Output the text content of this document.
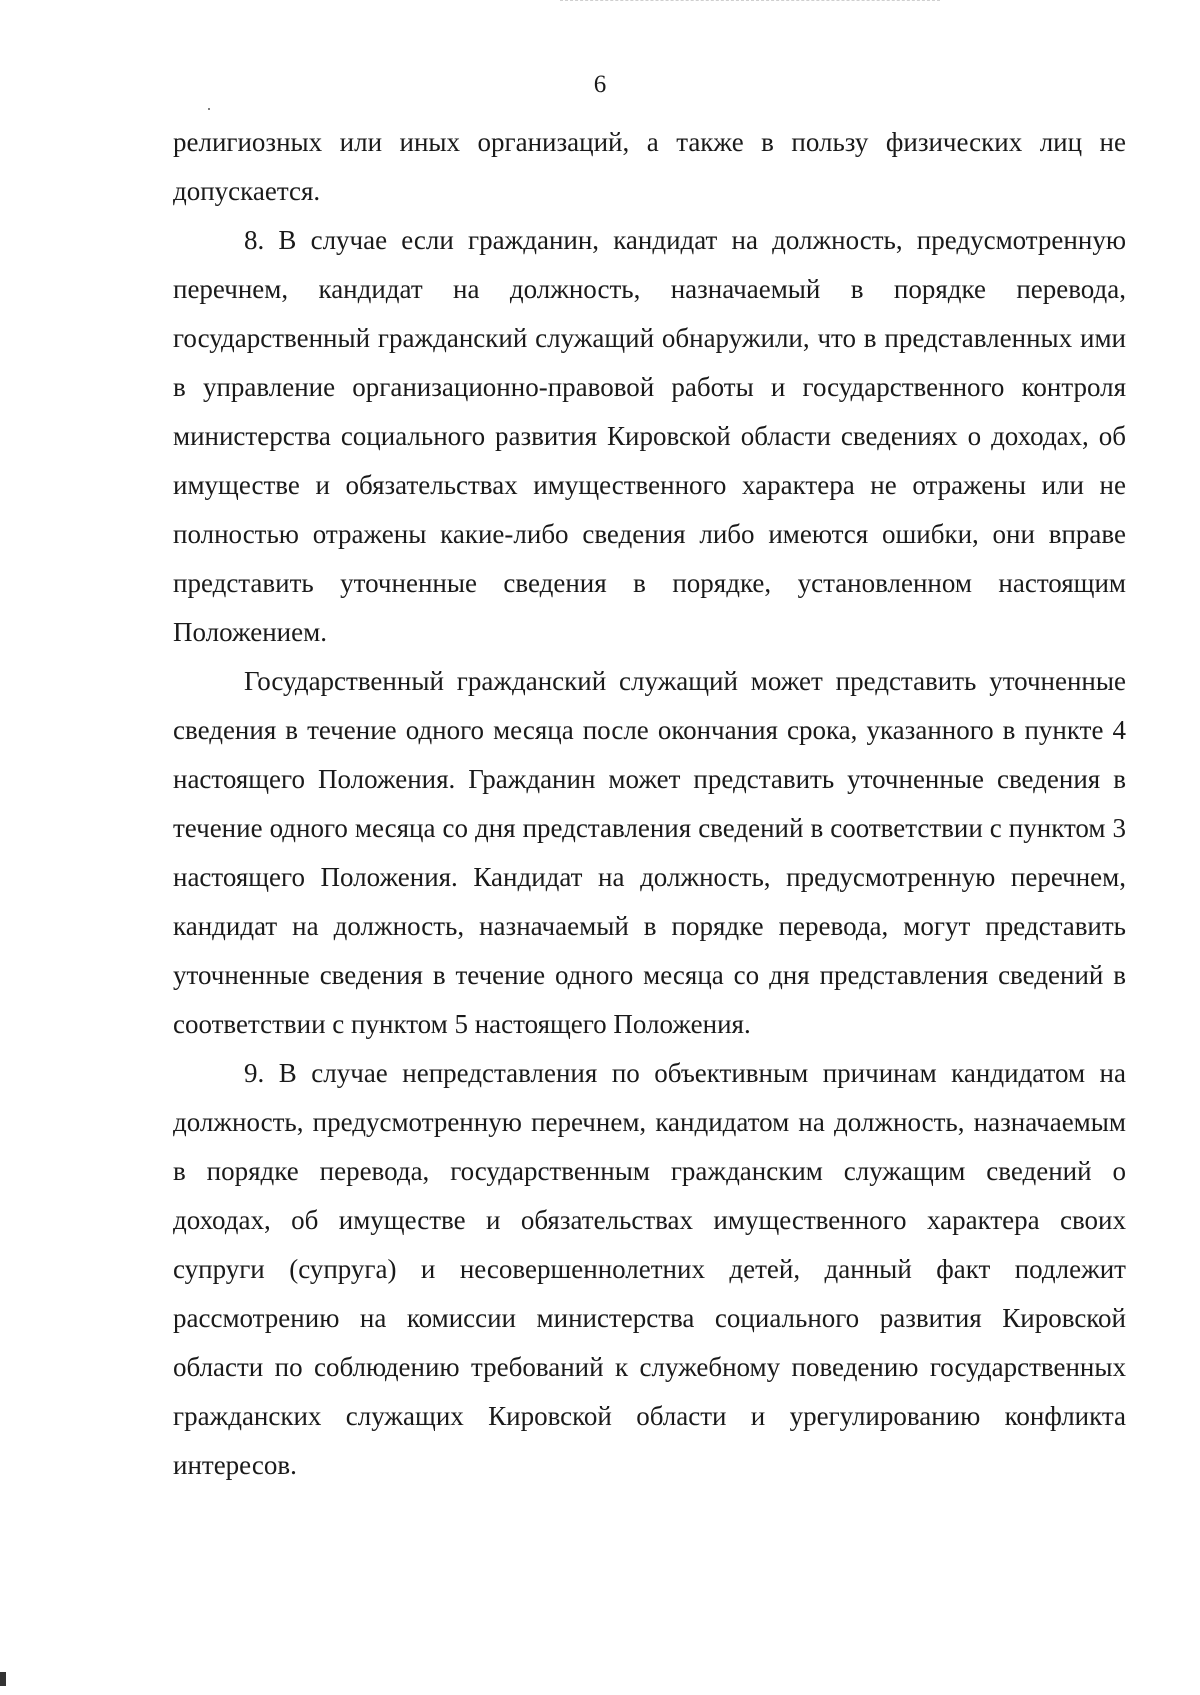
6

религиозных или иных организаций, а также в пользу физических лиц не допускается.

8. В случае если гражданин, кандидат на должность, предусмотренную перечнем, кандидат на должность, назначаемый в порядке перевода, государственный гражданский служащий обнаружили, что в представленных ими в управление организационно-правовой работы и государственного контроля министерства социального развития Кировской области сведениях о доходах, об имуществе и обязательствах имущественного характера не отражены или не полностью отражены какие-либо сведения либо имеются ошибки, они вправе представить уточненные сведения в порядке, установленном настоящим Положением.

Государственный гражданский служащий может представить уточненные сведения в течение одного месяца после окончания срока, указанного в пункте 4 настоящего Положения. Гражданин может представить уточненные сведения в течение одного месяца со дня представления сведений в соответствии с пунктом 3 настоящего Положения. Кандидат на должность, предусмотренную перечнем, кандидат на должность, назначаемый в порядке перевода, могут представить уточненные сведения в течение одного месяца со дня представления сведений в соответствии с пунктом 5 настоящего Положения.

9. В случае непредставления по объективным причинам кандидатом на должность, предусмотренную перечнем, кандидатом на должность, назначаемым в порядке перевода, государственным гражданским служащим сведений о доходах, об имуществе и обязательствах имущественного характера своих супруги (супруга) и несовершеннолетних детей, данный факт подлежит рассмотрению на комиссии министерства социального развития Кировской области по соблюдению требований к служебному поведению государственных гражданских служащих Кировской области и урегулированию конфликта интересов.
